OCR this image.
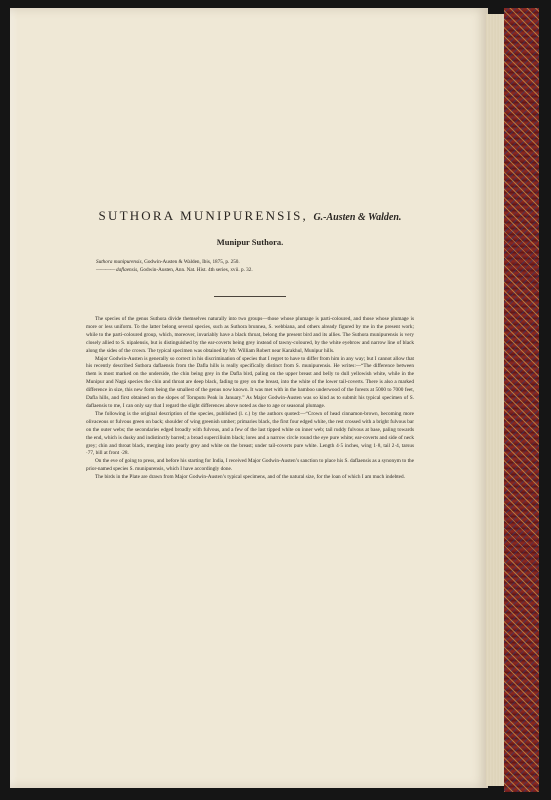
SUTHORA MUNIPURENSIS, G.-Austen & Walden.
Munipur Suthora.
Suthora munipurensis, Godwin-Austen & Walden, Ibis, 1875, p. 250.
———— daflaensis, Godwin-Austen, Ann. Nat. Hist. 4th series, xvii. p. 32.

The species of the genus Suthora divide themselves naturally into two groups—those whose plumage is parti-coloured, and those whose plumage is more or less uniform. To the latter belong several species, such as Suthora brunnea, S. webbiana, and others already figured by me in the present work; while to the parti-coloured group, which, moreover, invariably have a black throat, belong the present bird and its allies. The Suthora munipurensis is very closely allied to S. nipalensis, but is distinguished by the ear-coverts being grey instead of tawny-coloured, by the white eyebrow and narrow line of black along the sides of the crown. The typical specimen was obtained by Mr. William Robert near Karakhul, Munipur hills.

Major Godwin-Austen is generally so correct in his discrimination of species that I regret to have to differ from him in any way; but I cannot allow that his recently described Suthora daflaensis from the Dafla hills is really specifically distinct from S. munipurensis. He writes:—“The difference between them is most marked on the underside, the chin being grey in the Dafla bird, paling on the upper breast and belly to dull yellowish white, while in the Munipur and Nagá species the chin and throat are deep black, fading to grey on the breast, into the white of the lower tail-coverts. There is also a marked difference in size, this new form being the smallest of the genus now known. It was met with in the bamboo underwood of the forests at 5000 to 7000 feet, Dafla hills, and first obtained on the slopes of Toruputu Peak in January.” As Major Godwin-Austen was so kind as to submit his typical specimen of S. daflaensis to me, I can only say that I regard the slight differences above noted as due to age or seasonal plumage.

The following is the original description of the species, published (l. c.) by the authors quoted:—“Crown of head cinnamon-brown, becoming more olivaceous or fulvous green on back; shoulder of wing greenish umber; primaries black, the first four edged white, the rest crossed with a bright fulvous bar on the outer webs; the secondaries edged broadly with fulvous, and a few of the last tipped white on inner web; tail ruddy fulvous at base, paling towards the end, which is dusky and indistinctly barred; a broad superciliuim black; lores and a narrow circle round the eye pure white; ear-coverts and side of neck grey; chin and throat black, merging into pearly grey and white on the breast; under tail-coverts pure white. Length 4·5 inches, wing 1·8, tail 2·4, tarsus ·77, bill at front ·28.

On the eve of going to press, and before his starting for India, I received Major Godwin-Austen’s sanction to place his S. daflaensis as a synonym to the prior-named species S. munipurensis, which I have accordingly done.

The birds in the Plate are drawn from Major Godwin-Austen’s typical specimens, and of the natural size, for the loan of which I am much indebted.
